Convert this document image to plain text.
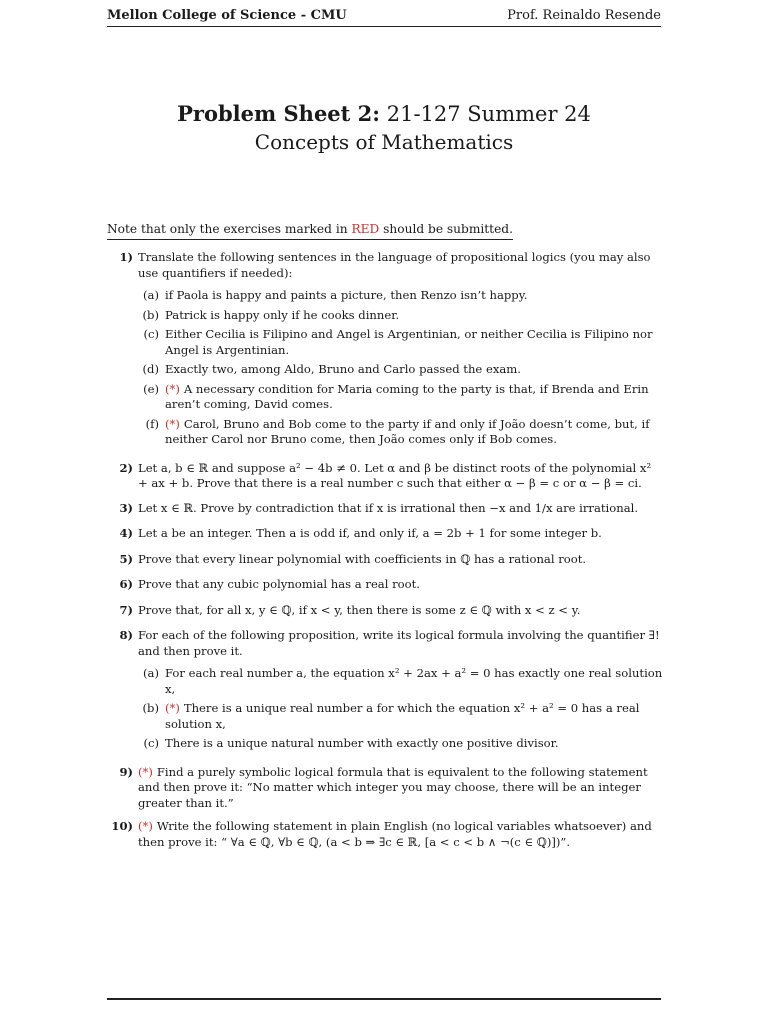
Mellon College of Science - CMU	Prof. Reinaldo Resende
Problem Sheet 2: 21-127 Summer 24
Concepts of Mathematics
Note that only the exercises marked in RED should be submitted.
1) Translate the following sentences in the language of propositional logics (you may also use quantifiers if needed):
(a) if Paola is happy and paints a picture, then Renzo isn’t happy.
(b) Patrick is happy only if he cooks dinner.
(c) Either Cecilia is Filipino and Angel is Argentinian, or neither Cecilia is Filipino nor Angel is Argentinian.
(d) Exactly two, among Aldo, Bruno and Carlo passed the exam.
(e) (*) A necessary condition for Maria coming to the party is that, if Brenda and Erin aren’t coming, David comes.
(f) (*) Carol, Bruno and Bob come to the party if and only if João doesn’t come, but, if neither Carol nor Bruno come, then João comes only if Bob comes.
2) Let a, b ∈ ℝ and suppose a² − 4b ≠ 0. Let α and β be distinct roots of the polynomial x² + ax + b. Prove that there is a real number c such that either α − β = c or α − β = ci.
3) Let x ∈ ℝ. Prove by contradiction that if x is irrational then −x and 1/x are irrational.
4) Let a be an integer. Then a is odd if, and only if, a = 2b + 1 for some integer b.
5) Prove that every linear polynomial with coefficients in ℚ has a rational root.
6) Prove that any cubic polynomial has a real root.
7) Prove that, for all x, y ∈ ℚ, if x < y, then there is some z ∈ ℚ with x < z < y.
8) For each of the following proposition, write its logical formula involving the quantifier ∃! and then prove it.
(a) For each real number a, the equation x² + 2ax + a² = 0 has exactly one real solution x,
(b) (*) There is a unique real number a for which the equation x² + a² = 0 has a real solution x,
(c) There is a unique natural number with exactly one positive divisor.
9) (*) Find a purely symbolic logical formula that is equivalent to the following statement and then prove it: “No matter which integer you may choose, there will be an integer greater than it.”
10) (*) Write the following statement in plain English (no logical variables whatsoever) and then prove it: “ ∀a ∈ ℚ, ∀b ∈ ℚ, (a < b ⇒ ∃c ∈ ℝ, [a < c < b ∧ ¬(c ∈ ℚ)])”.
